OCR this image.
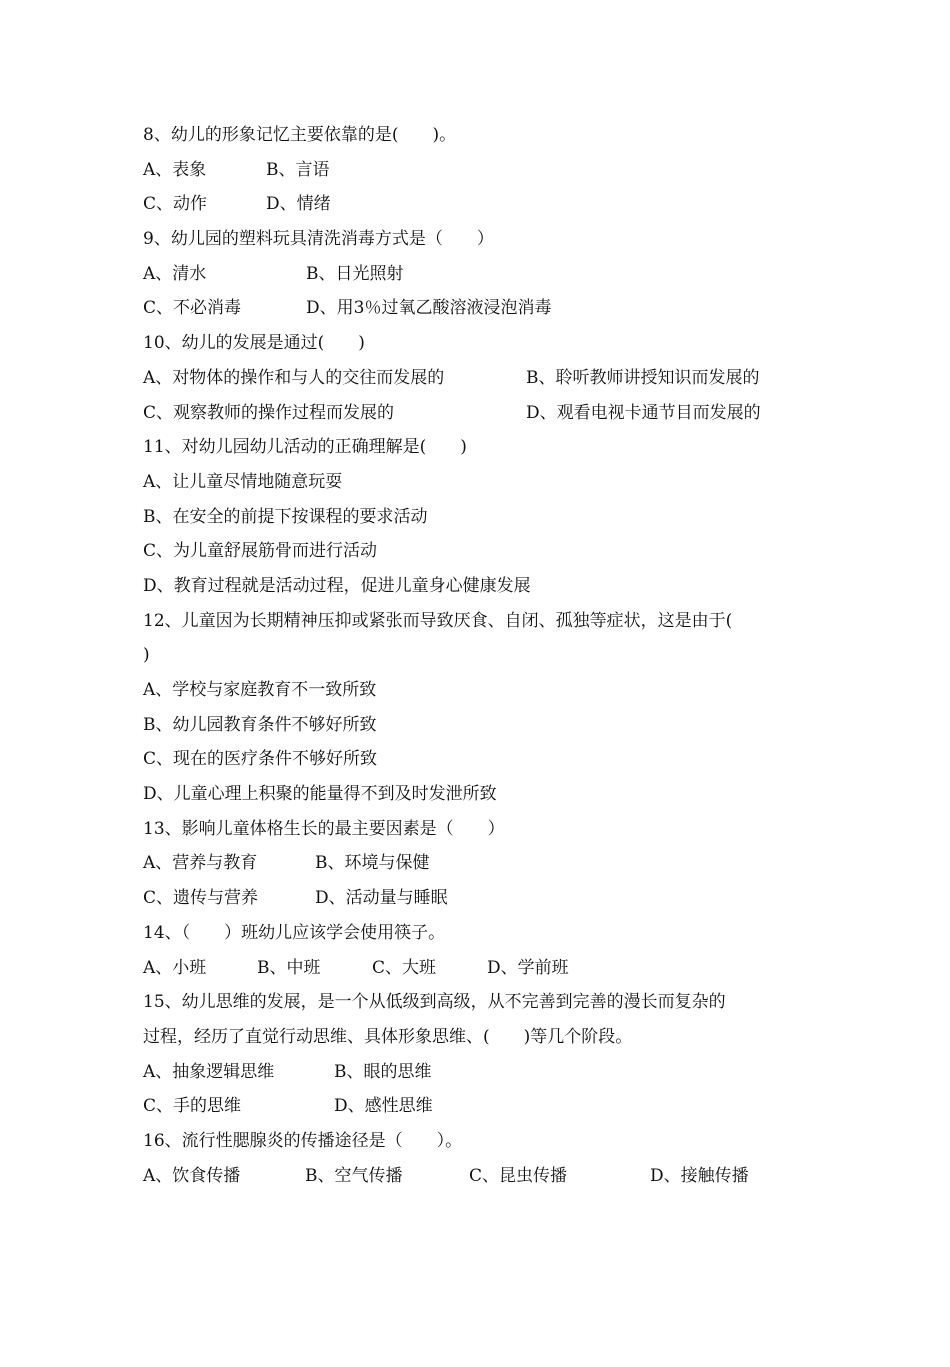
8、幼儿的形象记忆主要依靠的是(　　)。

A、表象

	B、言语

C、动作

	D、情绪

9、幼儿园的塑料玩具清洗消毒方式是（　　）

A、清水

	B、日光照射

C、不必消毒

	D、用3％过氧乙酸溶液浸泡消毒

10、幼儿的发展是通过(　　)

A、对物体的操作和与人的交往而发展的

	B、聆听教师讲授知识而发展的

C、观察教师的操作过程而发展的

	D、观看电视卡通节目而发展的

11、对幼儿园幼儿活动的正确理解是(　　)
A、让儿童尽情地随意玩耍
B、在安全的前提下按课程的要求活动
C、为儿童舒展筋骨而进行活动
D、教育过程就是活动过程，促进儿童身心健康发展
12、儿童因为长期精神压抑或紧张而导致厌食、自闭、孤独等症状，这是由于(
)
A、学校与家庭教育不一致所致
B、幼儿园教育条件不够好所致
C、现在的医疗条件不够好所致
D、儿童心理上积聚的能量得不到及时发泄所致
13、影响儿童体格生长的最主要因素是（　　）

A、营养与教育

	B、环境与保健

C、遗传与营养

	D、活动量与睡眠

14、（　　）班幼儿应该学会使用筷子。

A、小班

	B、中班

	C、大班

	D、学前班

15、幼儿思维的发展，是一个从低级到高级，从不完善到完善的漫长而复杂的
过程，经历了直觉行动思维、具体形象思维、(　　)等几个阶段。

A、抽象逻辑思维

	B、眼的思维

C、手的思维

	D、感性思维

16、流行性腮腺炎的传播途径是（　　）。

A、饮食传播

	B、空气传播

	C、昆虫传播

	D、接触传播
